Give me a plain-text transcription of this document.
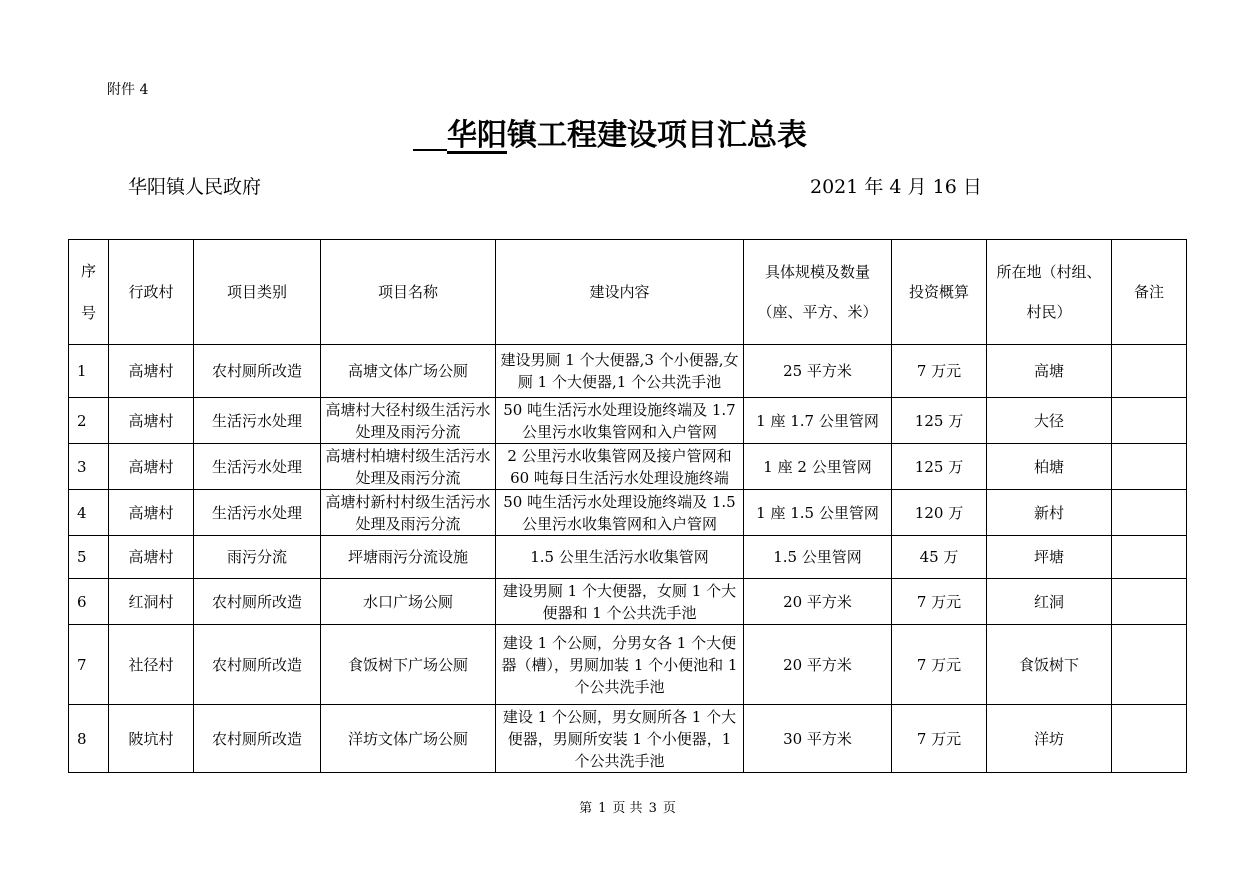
附件 4
华阳镇工程建设项目汇总表
华阳镇人民政府	2021 年 4 月 16 日
序号	行政村	项目类别	项目名称	建设内容	具体规模及数量（座、平方、米）	投资概算	所在地（村组、村民）	备注
1	高塘村	农村厕所改造	高塘文体广场公厕	建设男厕 1 个大便器,3 个小便器,女厕 1 个大便器,1 个公共洗手池	25 平方米	7 万元	高塘	
2	高塘村	生活污水处理	高塘村大径村级生活污水处理及雨污分流	50 吨生活污水处理设施终端及 1.7 公里污水收集管网和入户管网	1 座 1.7 公里管网	125 万	大径	
3	高塘村	生活污水处理	高塘村柏塘村级生活污水处理及雨污分流	2 公里污水收集管网及接户管网和 60 吨每日生活污水处理设施终端	1 座 2 公里管网	125 万	柏塘	
4	高塘村	生活污水处理	高塘村新村村级生活污水处理及雨污分流	50 吨生活污水处理设施终端及 1.5 公里污水收集管网和入户管网	1 座 1.5 公里管网	120 万	新村	
5	高塘村	雨污分流	坪塘雨污分流设施	1.5 公里生活污水收集管网	1.5 公里管网	45 万	坪塘	
6	红洞村	农村厕所改造	水口广场公厕	建设男厕 1 个大便器，女厕 1 个大便器和 1 个公共洗手池	20 平方米	7 万元	红洞	
7	社径村	农村厕所改造	食饭树下广场公厕	建设 1 个公厕，分男女各 1 个大便器（槽），男厕加装 1 个小便池和 1 个公共洗手池	20 平方米	7 万元	食饭树下	
8	陂坑村	农村厕所改造	洋坊文体广场公厕	建设 1 个公厕，男女厕所各 1 个大便器，男厕所安装 1 个小便器，1 个公共洗手池	30 平方米	7 万元	洋坊	
第 1 页 共 3 页
